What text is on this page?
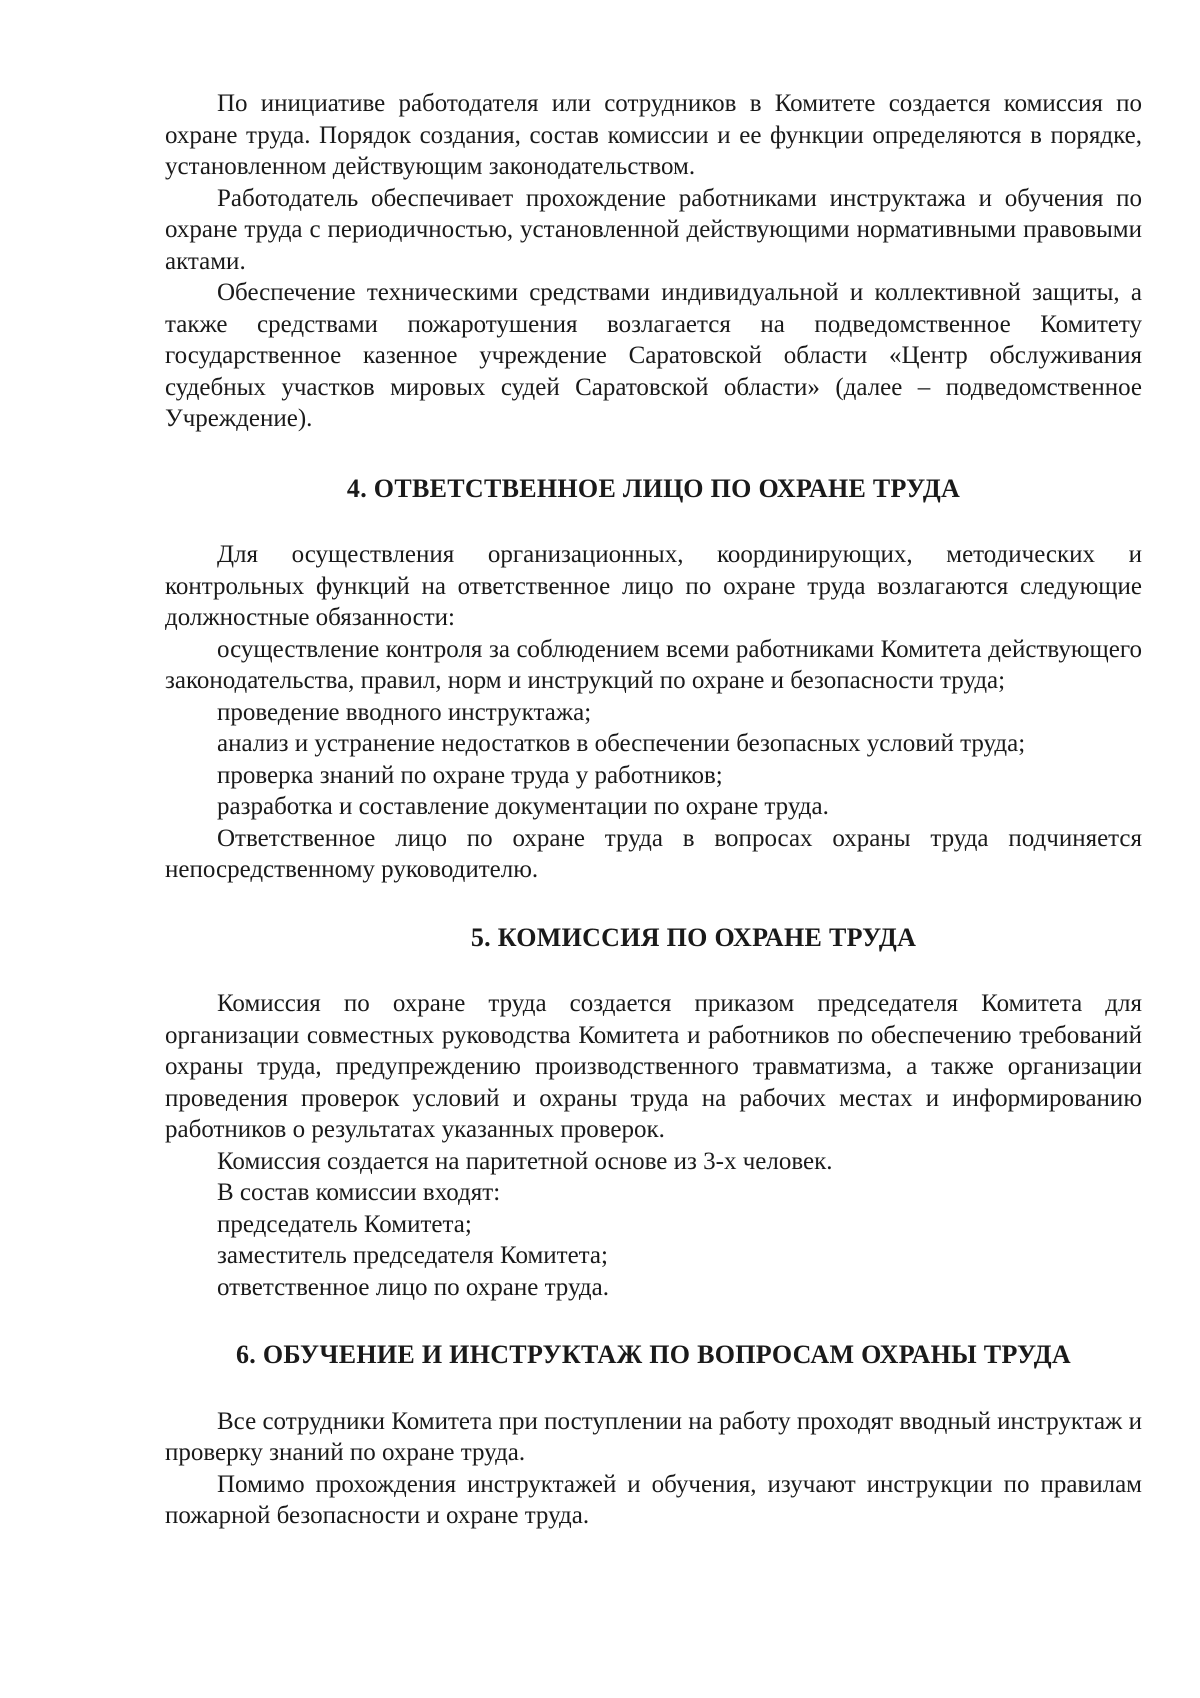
По инициативе работодателя или сотрудников в Комитете создается комиссия по охране труда. Порядок создания, состав комиссии и ее функции определяются в порядке, установленном действующим законодательством.

Работодатель обеспечивает прохождение работниками инструктажа и обучения по охране труда с периодичностью, установленной действующими нормативными правовыми актами.

Обеспечение техническими средствами индивидуальной и коллективной защиты, а также средствами пожаротушения возлагается на подведомственное Комитету государственное казенное учреждение Саратовской области «Центр обслуживания судебных участков мировых судей Саратовской области» (далее – подведомственное Учреждение).

4. ОТВЕТСТВЕННОЕ ЛИЦО ПО ОХРАНЕ ТРУДА

Для осуществления организационных, координирующих, методических и контрольных функций на ответственное лицо по охране труда возлагаются следующие должностные обязанности:

осуществление контроля за соблюдением всеми работниками Комитета действующего законодательства, правил, норм и инструкций по охране и безопасности труда;

проведение вводного инструктажа;

анализ и устранение недостатков в обеспечении безопасных условий труда;

проверка знаний по охране труда у работников;

разработка и составление документации по охране труда.

Ответственное лицо по охране труда в вопросах охраны труда подчиняется непосредственному руководителю.

5. КОМИССИЯ ПО ОХРАНЕ ТРУДА

Комиссия по охране труда создается приказом председателя Комитета для организации совместных руководства Комитета и работников по обеспечению требований охраны труда, предупреждению производственного травматизма, а также организации проведения проверок условий и охраны труда на рабочих местах и информированию работников о результатах указанных проверок.

Комиссия создается на паритетной основе из 3-х человек.

В состав комиссии входят:

председатель Комитета;

заместитель председателя Комитета;

ответственное лицо по охране труда.

6. ОБУЧЕНИЕ И ИНСТРУКТАЖ ПО ВОПРОСАМ ОХРАНЫ ТРУДА

Все сотрудники Комитета при поступлении на работу проходят вводный инструктаж и проверку знаний по охране труда.

Помимо прохождения инструктажей и обучения, изучают инструкции по правилам пожарной безопасности и охране труда.
